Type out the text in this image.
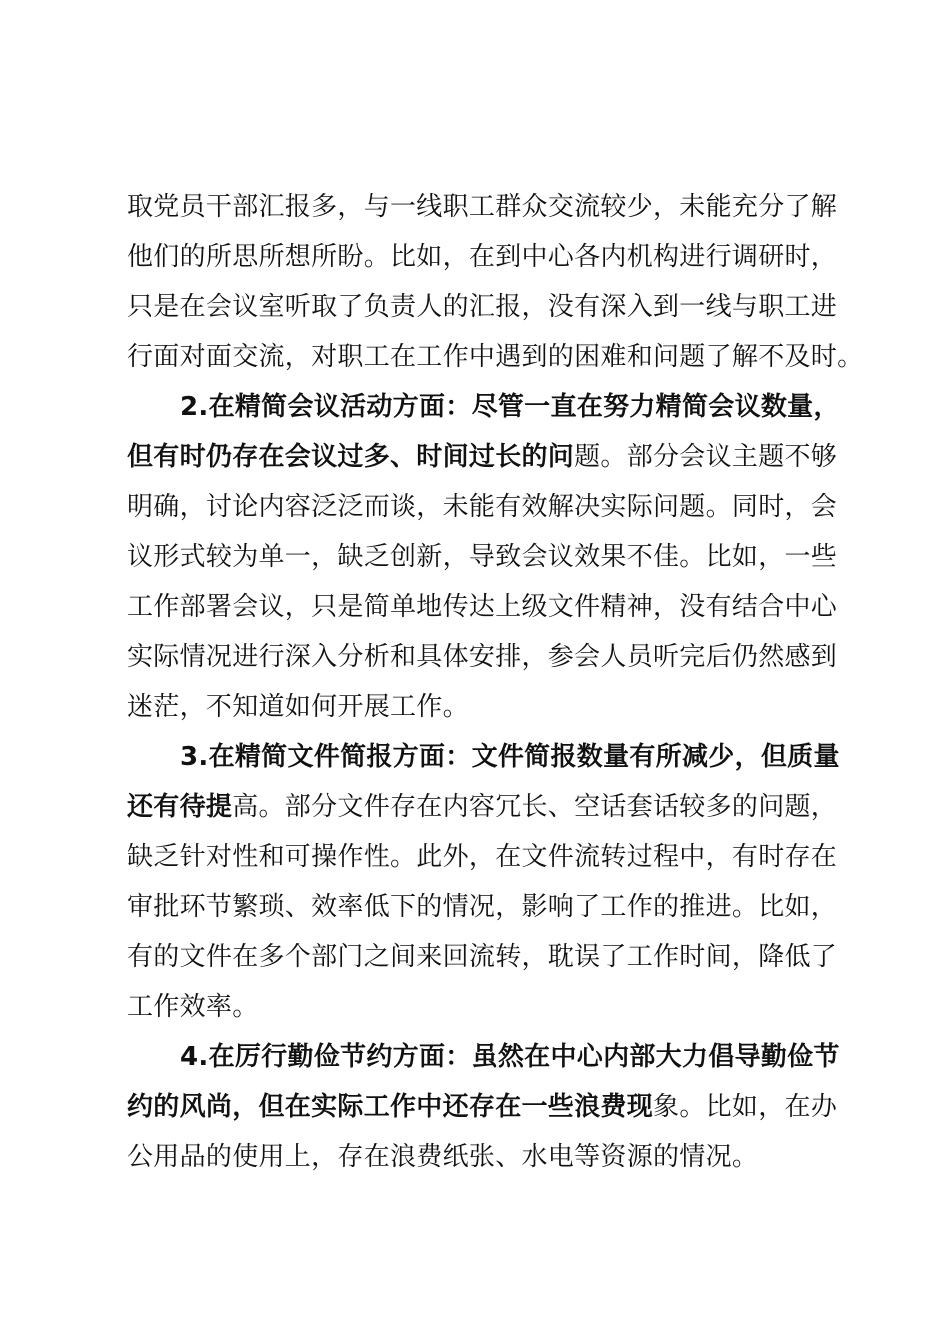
取党员干部汇报多，与一线职工群众交流较少，未能充分了解
他们的所思所想所盼。比如，在到中心各内机构进行调研时，
只是在会议室听取了负责人的汇报，没有深入到一线与职工进
行面对面交流，对职工在工作中遇到的困难和问题了解不及时。
2.在精简会议活动方面：尽管一直在努力精简会议数量，
但有时仍存在会议过多、时间过长的问题。部分会议主题不够
明确，讨论内容泛泛而谈，未能有效解决实际问题。同时，会
议形式较为单一，缺乏创新，导致会议效果不佳。比如，一些
工作部署会议，只是简单地传达上级文件精神，没有结合中心
实际情况进行深入分析和具体安排，参会人员听完后仍然感到
迷茫，不知道如何开展工作。
3.在精简文件简报方面：文件简报数量有所减少，但质量
还有待提高。部分文件存在内容冗长、空话套话较多的问题，
缺乏针对性和可操作性。此外，在文件流转过程中，有时存在
审批环节繁琐、效率低下的情况，影响了工作的推进。比如，
有的文件在多个部门之间来回流转，耽误了工作时间，降低了
工作效率。
4.在厉行勤俭节约方面：虽然在中心内部大力倡导勤俭节
约的风尚，但在实际工作中还存在一些浪费现象。比如，在办
公用品的使用上，存在浪费纸张、水电等资源的情况。
